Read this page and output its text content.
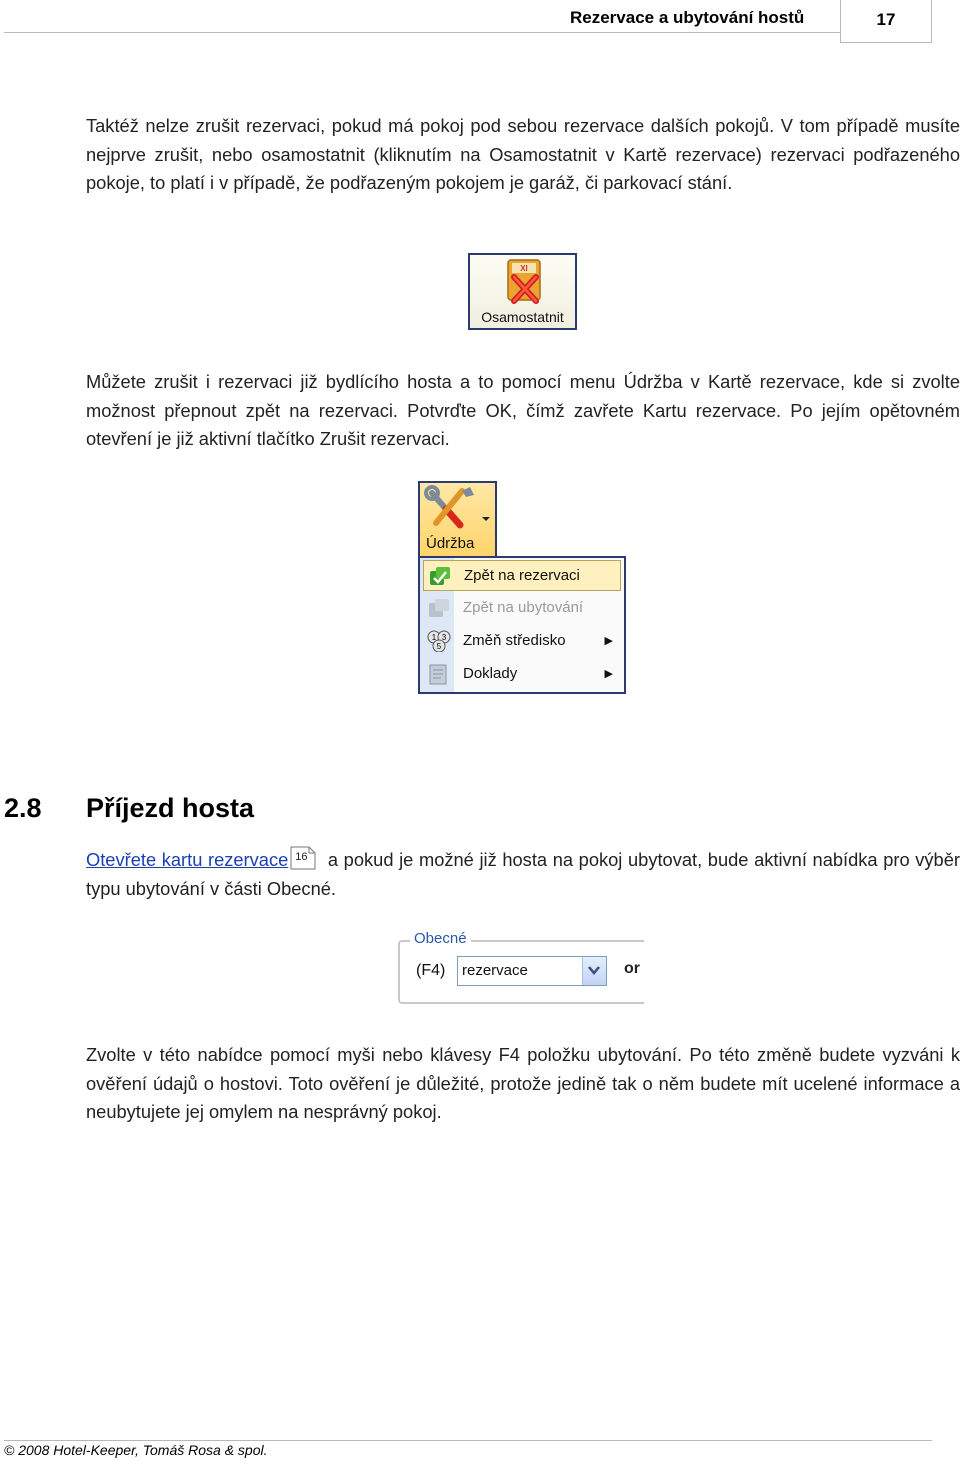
Rezervace a ubytování hostů	17
Taktéž nelze zrušit rezervaci, pokud má pokoj pod sebou rezervace dalších pokojů. V tom případě musíte nejprve zrušit, nebo osamostatnit (kliknutím na Osamostatnit v Kartě rezervace) rezervaci podřazeného pokoje, to platí i v případě, že podřazeným pokojem je garáž, či parkovací stání.
XI
Osamostatnit
Můžete zrušit i rezervaci již bydlícího hosta a to pomocí menu Údržba v Kartě rezervace, kde si zvolte možnost přepnout zpět na rezervaci. Potvrďte OK, čímž zavřete Kartu rezervace. Po jejím opětovném otevření je již aktivní tlačítko Zrušit rezervaci.
Údržba
Zpět na rezervaci
Zpět na ubytování
1 3
5 Změň středisko	▶
Doklady	▶
2.8 Příjezd hosta
Otevřete kartu rezervace 16 a pokud je možné již hosta na pokoj ubytovat, bude aktivní nabídka pro výběr typu ubytování v části Obecné.
Obecné
(F4) rezervace	or
Zvolte v této nabídce pomocí myši nebo klávesy F4 položku ubytování. Po této změně budete vyzváni k ověření údajů o hostovi. Toto ověření je důležité, protože jedině tak o něm budete mít ucelené informace a neubytujete jej omylem na nesprávný pokoj.
© 2008 Hotel-Keeper, Tomáš Rosa & spol.
